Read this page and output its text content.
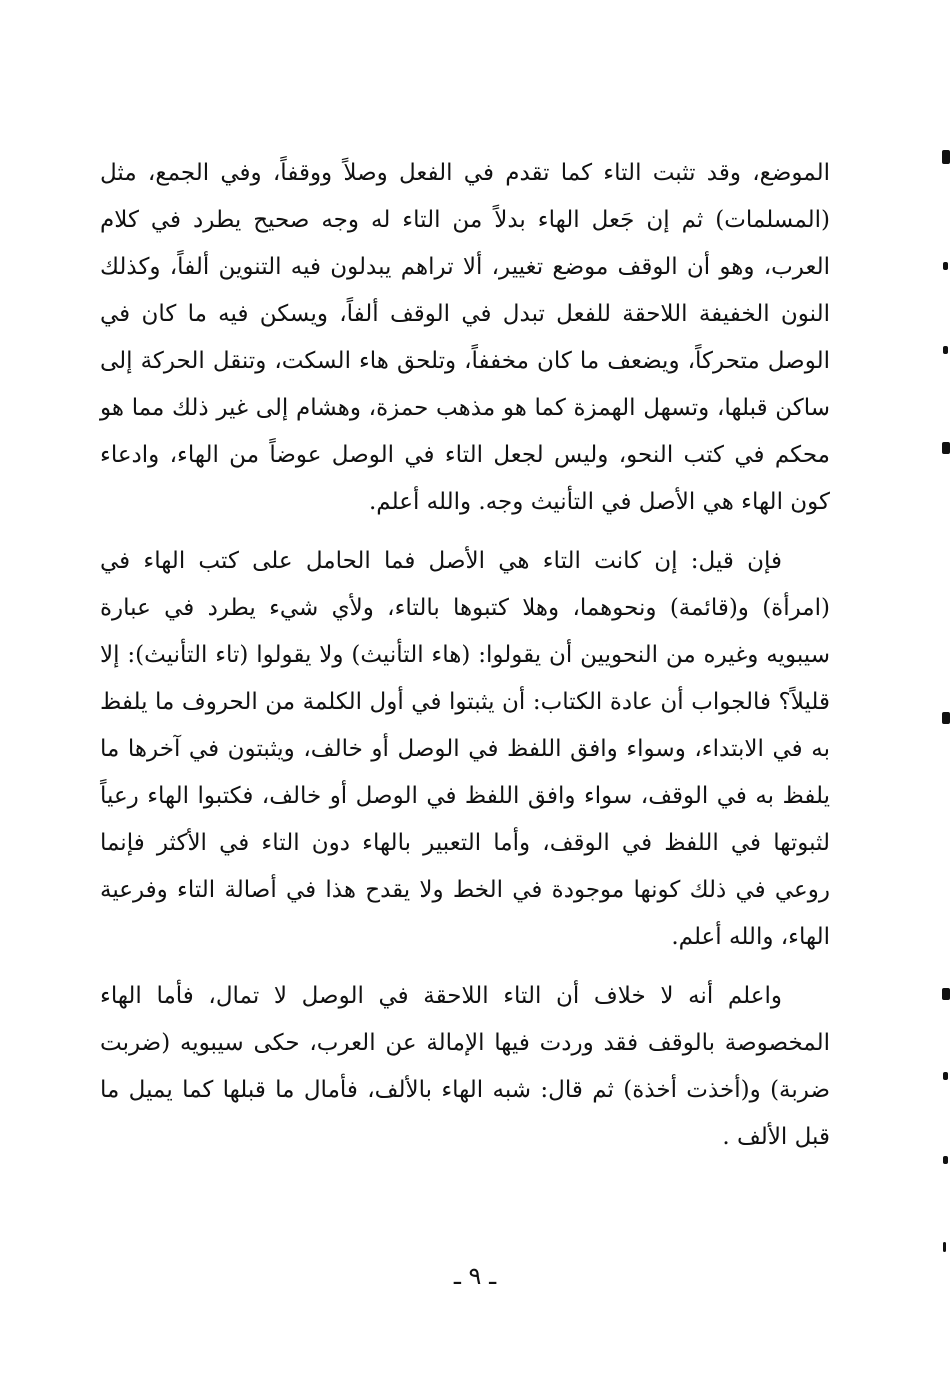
الموضع، وقد تثبت التاء كما تقدم في الفعل وصلاً ووقفاً، وفي الجمع، مثل (المسلمات) ثم إن جَعل الهاء بدلاً من التاء له وجه صحيح يطرد في كلام العرب، وهو أن الوقف موضع تغيير، ألا تراهم يبدلون فيه التنوين ألفاً، وكذلك النون الخفيفة اللاحقة للفعل تبدل في الوقف ألفاً، ويسكن فيه ما كان في الوصل متحركاً، ويضعف ما كان مخففاً، وتلحق هاء السكت، وتنقل الحركة إلى ساكن قبلها، وتسهل الهمزة كما هو مذهب حمزة، وهشام إلى غير ذلك مما هو محكم في كتب النحو، وليس لجعل التاء في الوصل عوضاً من الهاء، وادعاء كون الهاء هي الأصل في التأنيث وجه. والله أعلم.

فإن قيل: إن كانت التاء هي الأصل فما الحامل على كتب الهاء في (امرأة) و(قائمة) ونحوهما، وهلا كتبوها بالتاء، ولأي شيء يطرد في عبارة سيبويه وغيره من النحويين أن يقولوا: (هاء التأنيث) ولا يقولوا (تاء التأنيث): إلا قليلاً؟ فالجواب أن عادة الكتاب: أن يثبتوا في أول الكلمة من الحروف ما يلفظ به في الابتداء، وسواء وافق اللفظ في الوصل أو خالف، ويثبتون في آخرها ما يلفظ به في الوقف، سواء وافق اللفظ في الوصل أو خالف، فكتبوا الهاء رعياً لثبوتها في اللفظ في الوقف، وأما التعبير بالهاء دون التاء في الأكثر فإنما روعي في ذلك كونها موجودة في الخط ولا يقدح هذا في أصالة التاء وفرعية الهاء، والله أعلم.

واعلم أنه لا خلاف أن التاء اللاحقة في الوصل لا تمال، فأما الهاء المخصوصة بالوقف فقد وردت فيها الإمالة عن العرب، حكى سيبويه (ضربت ضربة) و(أخذت أخذة) ثم قال: شبه الهاء بالألف، فأمال ما قبلها كما يميل ما قبل الألف .

ـ ٩ ـ
